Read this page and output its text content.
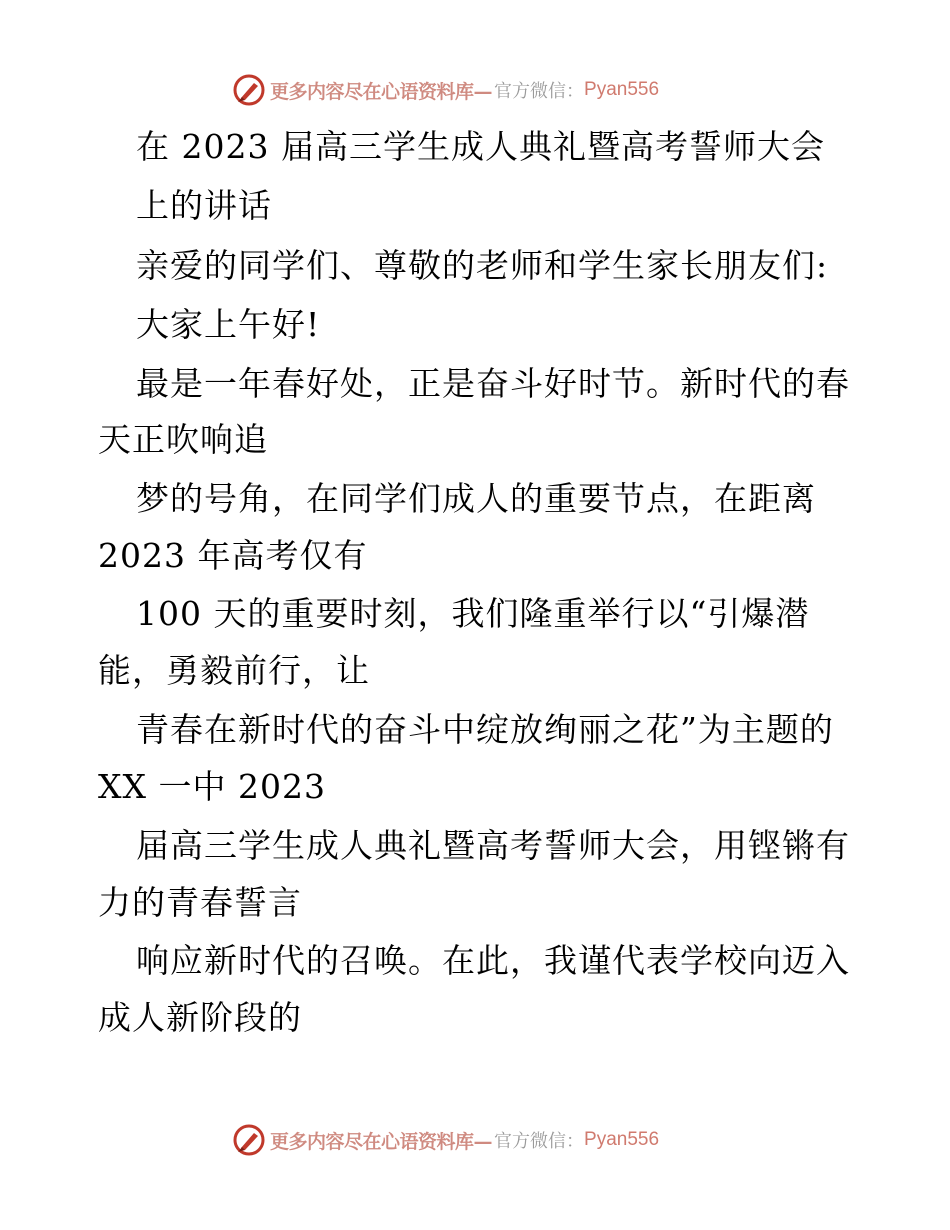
更多内容尽在心语资料库— 官方微信： Pyan556

在 2023 届高三学生成人典礼暨高考誓师大会

上的讲话

亲爱的同学们、尊敬的老师和学生家长朋友们:

大家上午好!

最是一年春好处，正是奋斗好时节。新时代的春

天正吹响追

梦的号角，在同学们成人的重要节点，在距离

2023 年高考仅有

100 天的重要时刻，我们隆重举行以“引爆潜

能，勇毅前行，让

青春在新时代的奋斗中绽放绚丽之花”为主题的

XX 一中 2023

届高三学生成人典礼暨高考誓师大会，用铿锵有

力的青春誓言

响应新时代的召唤。在此，我谨代表学校向迈入

成人新阶段的

更多内容尽在心语资料库— 官方微信： Pyan556
